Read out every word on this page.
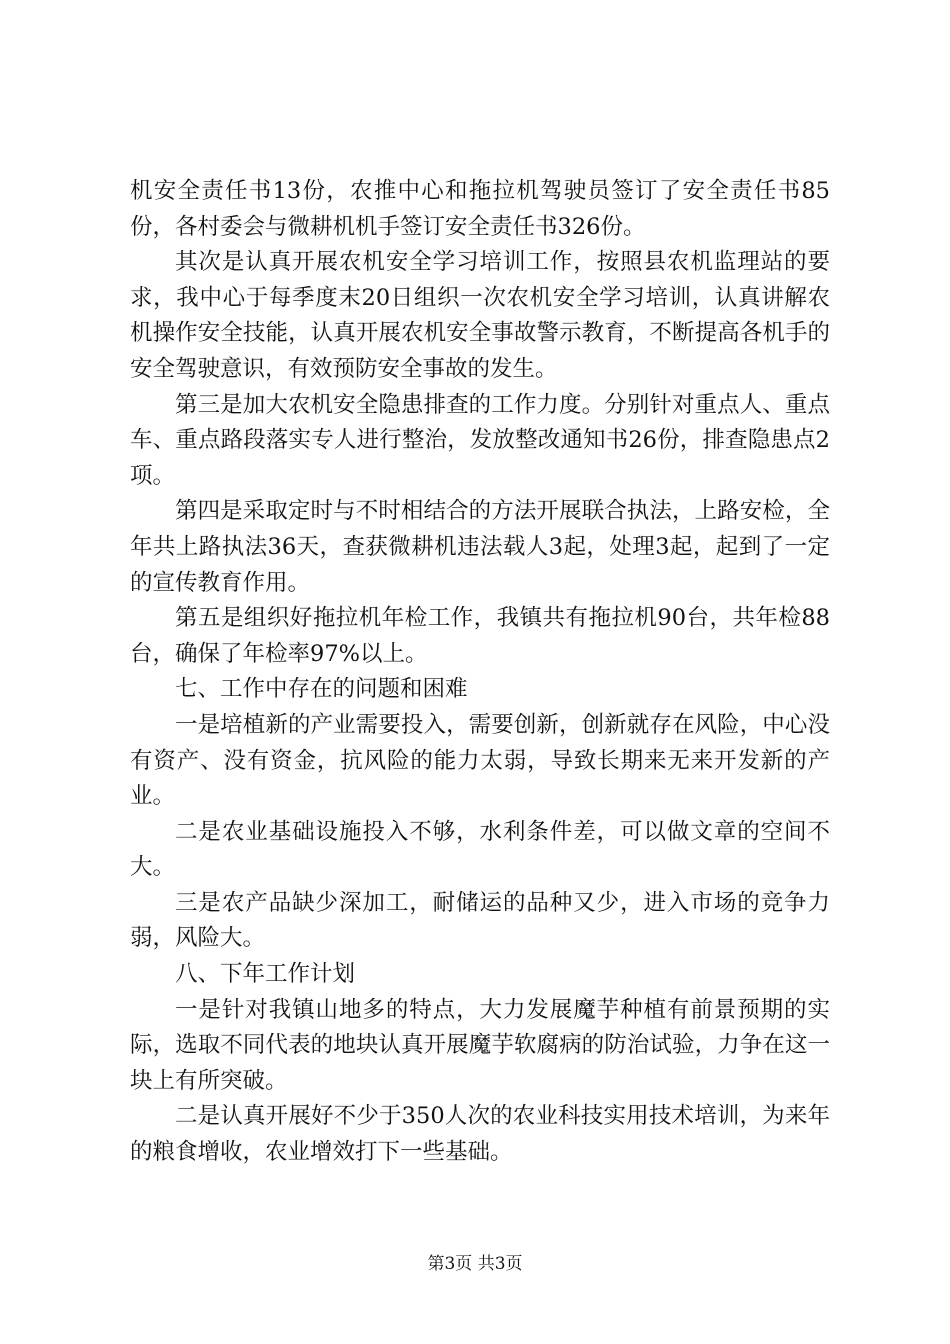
机安全责任书13份，农推中心和拖拉机驾驶员签订了安全责任书85份，各村委会与微耕机机手签订安全责任书326份。

其次是认真开展农机安全学习培训工作，按照县农机监理站的要求，我中心于每季度末20日组织一次农机安全学习培训，认真讲解农机操作安全技能，认真开展农机安全事故警示教育，不断提高各机手的安全驾驶意识，有效预防安全事故的发生。

第三是加大农机安全隐患排查的工作力度。分别针对重点人、重点车、重点路段落实专人进行整治，发放整改通知书26份，排查隐患点2项。

第四是采取定时与不时相结合的方法开展联合执法，上路安检，全年共上路执法36天，查获微耕机违法载人3起，处理3起，起到了一定的宣传教育作用。

第五是组织好拖拉机年检工作，我镇共有拖拉机90台，共年检88台，确保了年检率97%以上。

七、工作中存在的问题和困难

一是培植新的产业需要投入，需要创新，创新就存在风险，中心没有资产、没有资金，抗风险的能力太弱，导致长期来无来开发新的产业。

二是农业基础设施投入不够，水利条件差，可以做文章的空间不大。

三是农产品缺少深加工，耐储运的品种又少，进入市场的竞争力弱，风险大。

八、下年工作计划

一是针对我镇山地多的特点，大力发展魔芋种植有前景预期的实际，选取不同代表的地块认真开展魔芋软腐病的防治试验，力争在这一块上有所突破。

二是认真开展好不少于350人次的农业科技实用技术培训，为来年的粮食增收，农业增效打下一些基础。

第3页 共3页
